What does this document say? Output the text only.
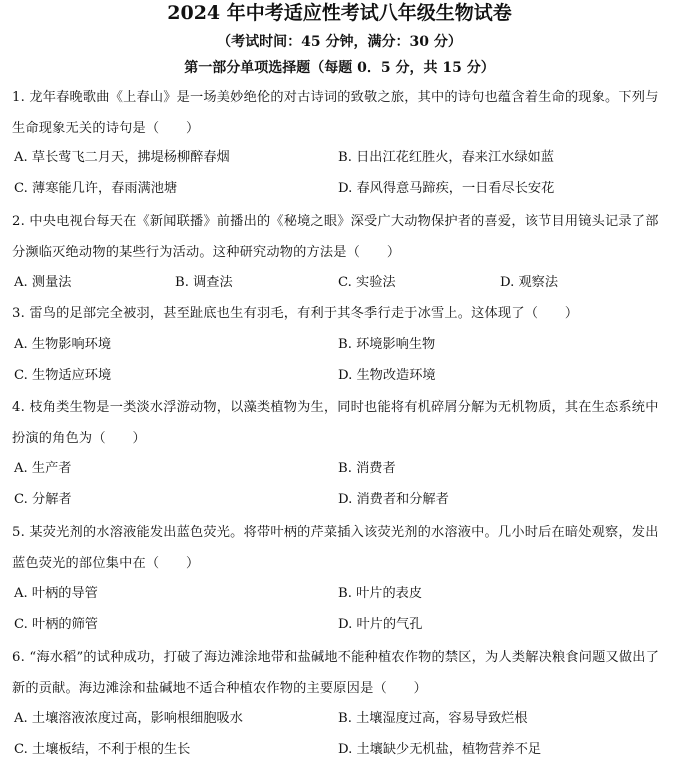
2024 年中考适应性考试八年级生物试卷
（考试时间：45 分钟，满分：30 分）
第一部分单项选择题（每题 0．5 分，共 15 分）
1. 龙年春晚歌曲《上春山》是一场美妙绝伦的对古诗词的致敬之旅，其中的诗句也蕴含着生命的现象。下列与生命现象无关的诗句是（　　）
A. 草长莺飞二月天，拂堤杨柳醉春烟	B. 日出江花红胜火，春来江水绿如蓝
C. 薄寒能几许，春雨满池塘	D. 春风得意马蹄疾，一日看尽长安花
2. 中央电视台每天在《新闻联播》前播出的《秘境之眼》深受广大动物保护者的喜爱，该节目用镜头记录了部分濒临灭绝动物的某些行为活动。这种研究动物的方法是（　　）
A. 测量法	B. 调查法	C. 实验法	D. 观察法
3. 雷鸟的足部完全被羽，甚至趾底也生有羽毛，有利于其冬季行走于冰雪上。这体现了（　　）
A. 生物影响环境	B. 环境影响生物
C. 生物适应环境	D. 生物改造环境
4. 枝角类生物是一类淡水浮游动物，以藻类植物为生，同时也能将有机碎屑分解为无机物质，其在生态系统中扮演的角色为（　　）
A. 生产者	B. 消费者
C. 分解者	D. 消费者和分解者
5. 某荧光剂的水溶液能发出蓝色荧光。将带叶柄的芹菜插入该荧光剂的水溶液中。几小时后在暗处观察，发出蓝色荧光的部位集中在（　　）
A. 叶柄的导管	B. 叶片的表皮
C. 叶柄的筛管	D. 叶片的气孔
6. “海水稻”的试种成功，打破了海边滩涂地带和盐碱地不能种植农作物的禁区，为人类解决粮食问题又做出了新的贡献。海边滩涂和盐碱地不适合种植农作物的主要原因是（　　）
A. 土壤溶液浓度过高，影响根细胞吸水	B. 土壤湿度过高，容易导致烂根
C. 土壤板结，不利于根的生长	D. 土壤缺少无机盐，植物营养不足
